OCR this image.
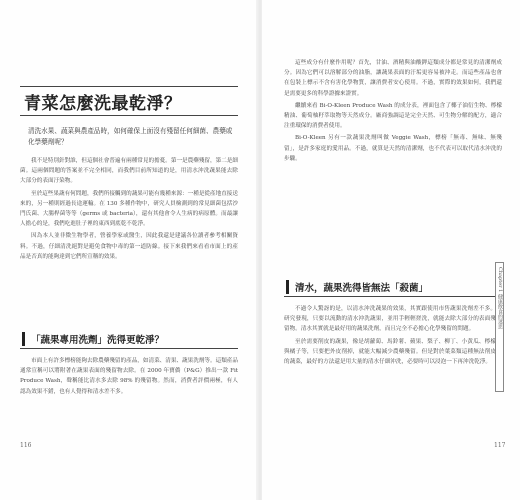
青菜怎麼洗最乾淨？
清洗水果、蔬菜與農產品時，如何確保上面沒有殘留任何細菌、農藥或化學藥劑呢？

我不是特別針對誰，但這個社會普遍有兩種常見的擔憂。第一是農藥殘留，第二是細菌。這兩個問題的答案並不完全相同，而我們目前所知道的是，用清水沖洗蔬果能去除大部分的表面汙染物。

至於這些果蔬有何問題，我們所接觸到的蔬果可能有幾種來源：一種是從產地直接送來的，另一種則經過長途運輸。在 130 多種作物中，研究人員檢測到的常見細菌包括沙門氏菌、大腸桿菌等等（germs 或 bacteria），還有其他會令人生病的病原體。而最讓人擔心的是，我們吃進肚子裡的東西到底乾不乾淨。

因為本人並非微生物學者，營養學家或醫生，因此我還是建議各位讀者參考相關資料。不過，仔細清洗絕對是避免食物中毒的第一道防線。接下來我們來看看市面上的產品是否真的能夠達到它們所宣稱的效果。

「蔬果專用洗劑」洗得更乾淨？

市面上有許多標榜能夠去除農藥殘留的產品，如清菜、清果、蔬果洗劑等。這類產品通常宣稱可以將附著在蔬果表面的殘留物去除。在 2000 年寶僑（P&G）推出一款 Fit Produce Wash，聲稱能比清水多去除 98% 的殘留物。然而，消費者評價兩極，有人認為效果不錯，也有人覺得和清水差不多。

116

這些成分有什麼作用呢？首先，甘油、酒精與油酸鉀這類成分都是常見的清潔劑成分。因為它們可以溶解部分的油脂，讓蔬果表面的汙垢更容易被沖走。而這些產品也會在包裝上標示不含有害化學物質，讓消費者安心使用。不過，實際的效果如何，我們還是需要更多的科學證據來證實。

繼續來看 Bi-O-Kleen Produce Wash 的成分表，裡面包含了椰子油衍生物、檸檬精油、葡萄柚籽萃取物等天然成分。廠商強調這是完全天然、可生物分解的配方，適合注重環保的消費者使用。

Bi-O-Kleen 另有一款蔬果洗劑叫做 Veggie Wash，標榜「無毒、無味、無殘留」，是許多家庭的愛用品。不過，就算是天然的清潔劑，也不代表可以取代清水沖洗的步驟。

清水，蔬果洗得皆無法「殺菌」

不過令人驚訝的是，以清水沖洗蔬果的效果，其實跟使用市售蔬果洗劑差不多。研究發現，只要以流動的清水沖洗蔬果，並用手輕輕搓洗，就能去除大部分的表面殘留物。清水其實就是最好用的蔬果洗劑，而且完全不必擔心化學殘留的問題。

至於需要削皮的蔬果，像是胡蘿蔔、馬鈴薯、蘋果、梨子、柳丁、小黃瓜、檸檬與橘子等，只要把外皮削掉，就能大幅減少農藥殘留。但是對於葉菜類這種無法削皮的蔬菜，最好的方法還是用大量的清水仔細沖洗，必要時可以浸泡一下再沖洗乾淨。

117
Chapter 1 健康飲食的迷思
